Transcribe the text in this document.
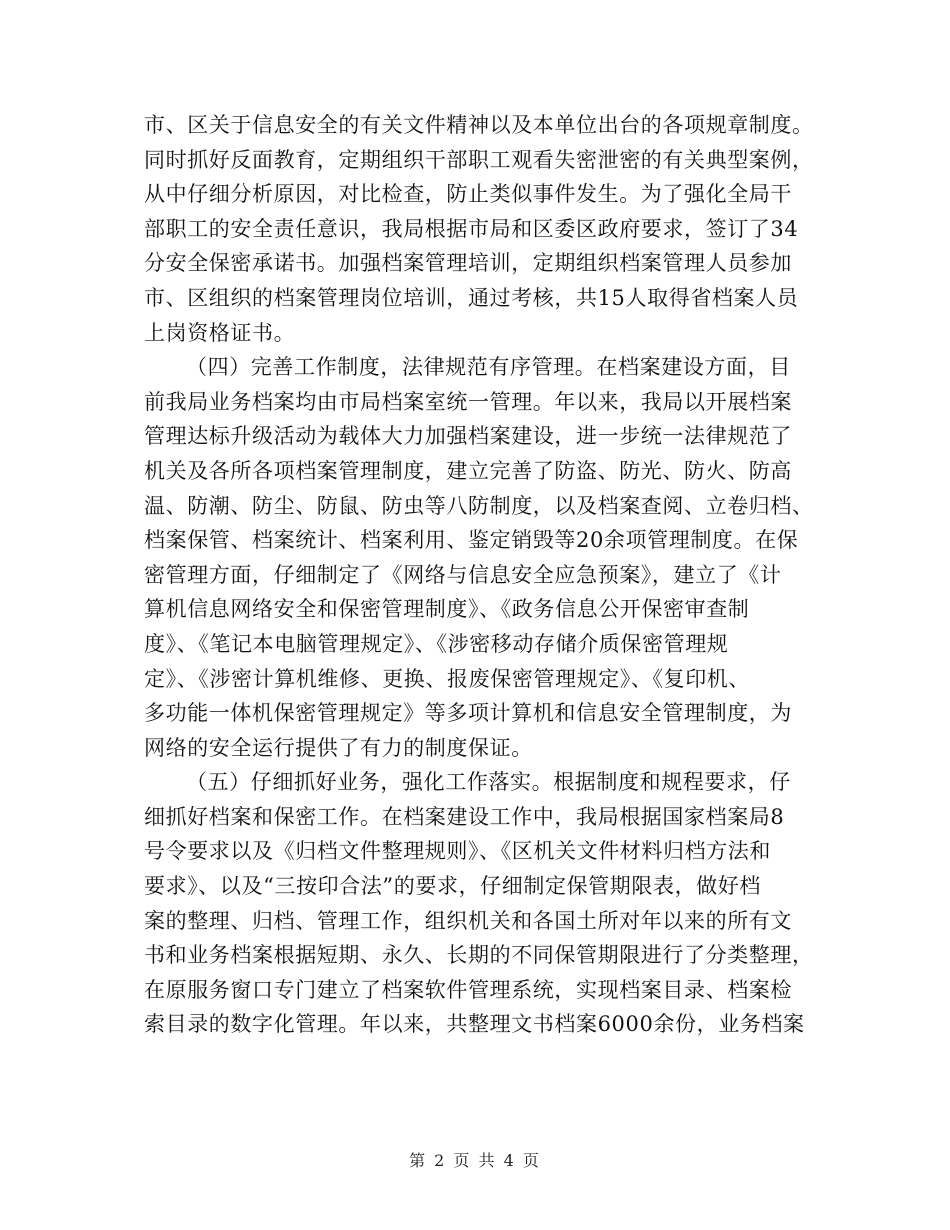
市、区关于信息安全的有关文件精神以及本单位出台的各项规章制度。
同时抓好反面教育，定期组织干部职工观看失密泄密的有关典型案例，
从中仔细分析原因，对比检查，防止类似事件发生。为了强化全局干
部职工的安全责任意识，我局根据市局和区委区政府要求，签订了34
分安全保密承诺书。加强档案管理培训，定期组织档案管理人员参加
市、区组织的档案管理岗位培训，通过考核，共15人取得省档案人员
上岗资格证书。
（四）完善工作制度，法律规范有序管理。在档案建设方面，目
前我局业务档案均由市局档案室统一管理。年以来，我局以开展档案
管理达标升级活动为载体大力加强档案建设，进一步统一法律规范了
机关及各所各项档案管理制度，建立完善了防盗、防光、防火、防高
温、防潮、防尘、防鼠、防虫等八防制度，以及档案查阅、立卷归档、
档案保管、档案统计、档案利用、鉴定销毁等20余项管理制度。在保
密管理方面，仔细制定了《网络与信息安全应急预案》，建立了《计
算机信息网络安全和保密管理制度》、《政务信息公开保密审查制
度》、《笔记本电脑管理规定》、《涉密移动存储介质保密管理规
定》、《涉密计算机维修、更换、报废保密管理规定》、《复印机、
多功能一体机保密管理规定》等多项计算机和信息安全管理制度，为
网络的安全运行提供了有力的制度保证。
（五）仔细抓好业务，强化工作落实。根据制度和规程要求，仔
细抓好档案和保密工作。在档案建设工作中，我局根据国家档案局8
号令要求以及《归档文件整理规则》、《区机关文件材料归档方法和
要求》、以及“三按印合法”的要求，仔细制定保管期限表，做好档
案的整理、归档、管理工作，组织机关和各国土所对年以来的所有文
书和业务档案根据短期、永久、长期的不同保管期限进行了分类整理，
在原服务窗口专门建立了档案软件管理系统，实现档案目录、档案检
索目录的数字化管理。年以来，共整理文书档案6000余份，业务档案
第 2 页 共 4 页
